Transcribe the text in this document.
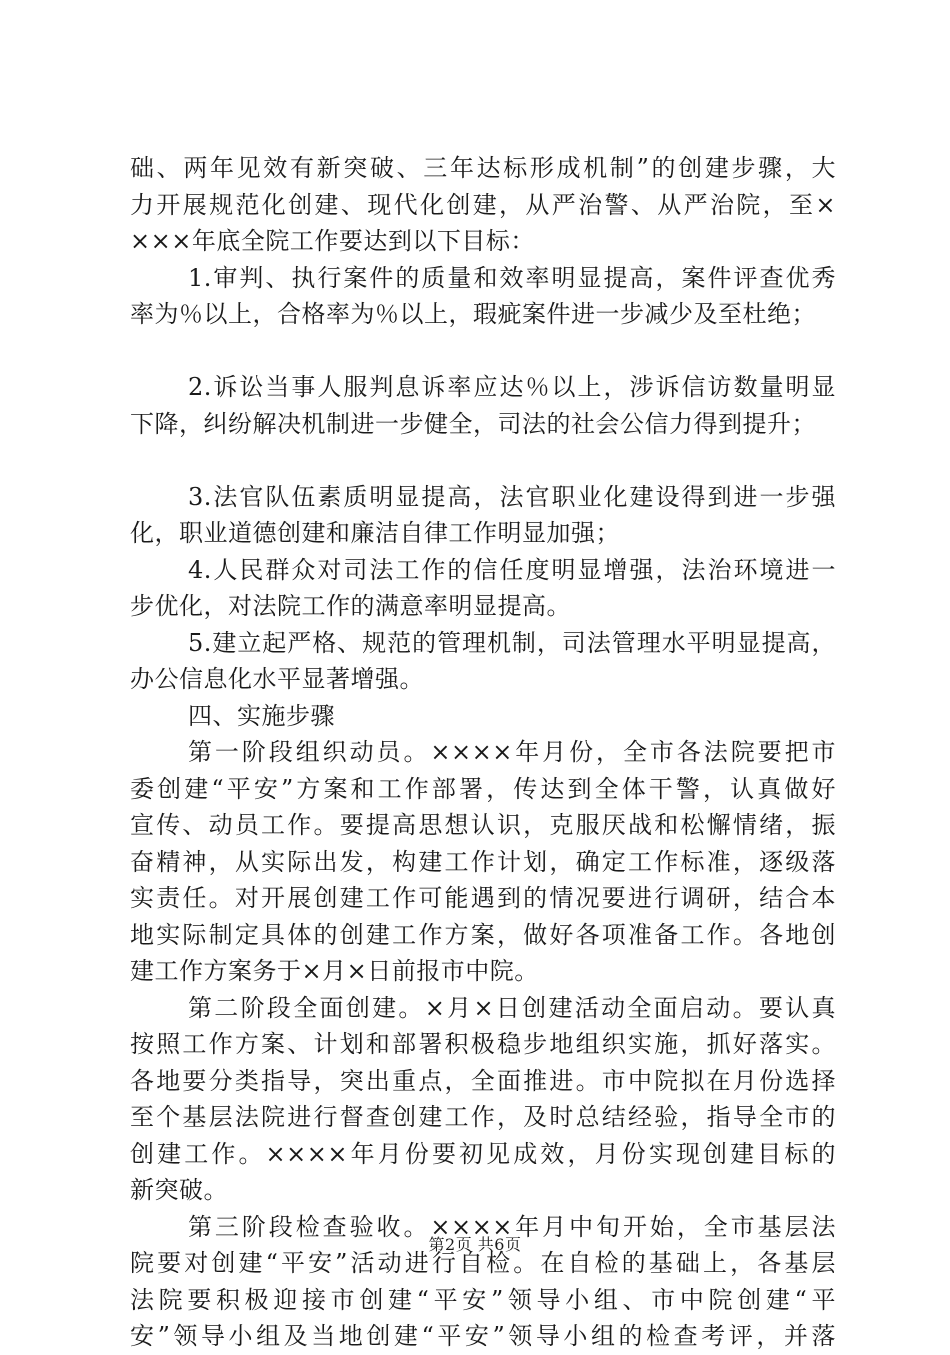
础、两年见效有新突破、三年达标形成机制”的创建步骤，大
力开展规范化创建、现代化创建，从严治警、从严治院，至×
×××年底全院工作要达到以下目标：
1.审判、执行案件的质量和效率明显提高，案件评查优秀
率为％以上，合格率为％以上，瑕疵案件进一步减少及至杜绝；
2.诉讼当事人服判息诉率应达％以上，涉诉信访数量明显
下降，纠纷解决机制进一步健全，司法的社会公信力得到提升；
3.法官队伍素质明显提高，法官职业化建设得到进一步强
化，职业道德创建和廉洁自律工作明显加强；
4.人民群众对司法工作的信任度明显增强，法治环境进一
步优化，对法院工作的满意率明显提高。
5.建立起严格、规范的管理机制，司法管理水平明显提高，
办公信息化水平显著增强。
四、实施步骤
第一阶段组织动员。××××年月份，全市各法院要把市
委创建“平安”方案和工作部署，传达到全体干警，认真做好
宣传、动员工作。要提高思想认识，克服厌战和松懈情绪，振
奋精神，从实际出发，构建工作计划，确定工作标准，逐级落
实责任。对开展创建工作可能遇到的情况要进行调研，结合本
地实际制定具体的创建工作方案，做好各项准备工作。各地创
建工作方案务于×月×日前报市中院。
第二阶段全面创建。×月×日创建活动全面启动。要认真
按照工作方案、计划和部署积极稳步地组织实施，抓好落实。
各地要分类指导，突出重点，全面推进。市中院拟在月份选择
至个基层法院进行督查创建工作，及时总结经验，指导全市的
创建工作。××××年月份要初见成效，月份实现创建目标的
新突破。
第三阶段检查验收。××××年月中旬开始，全市基层法
院要对创建“平安”活动进行自检。在自检的基础上，各基层
法院要积极迎接市创建“平安”领导小组、市中院创建“平
安”领导小组及当地创建“平安”领导小组的检查考评，并落
第2页 共6页
